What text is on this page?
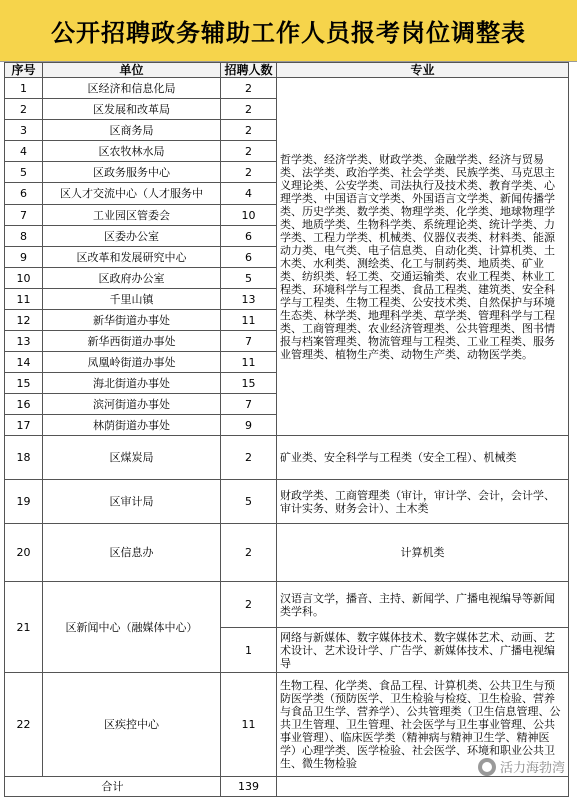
公开招聘政务辅助工作人员报考岗位调整表
序号	单位	招聘人数	专业
1	区经济和信息化局	2	哲学类、经济学类、财政学类、金融学类、经济与贸易类、法学类、政治学类、社会学类、民族学类、马克思主义理论类、公安学类、司法执行及技术类、教育学类、心理学类、中国语言文学类、外国语言文学类、新闻传播学类、历史学类、数学类、物理学类、化学类、地球物理学类、地质学类、生物科学类、系统理论类、统计学类、力学类、工程力学类、机械类、仪器仪表类、材料类、能源动力类、电气类、电子信息类、自动化类、计算机类、土木类、水利类、测绘类、化工与制药类、地质类、矿业类、纺织类、轻工类、交通运输类、农业工程类、林业工程类、环境科学与工程类、食品工程类、建筑类、安全科学与工程类、生物工程类、公安技术类、自然保护与环境生态类、林学类、地理科学类、草学类、管理科学与工程类、工商管理类、农业经济管理类、公共管理类、图书情报与档案管理类、物流管理与工程类、工业工程类、服务业管理类、植物生产类、动物生产类、动物医学类。
2	区发展和改革局	2	
3	区商务局	2	
4	区农牧林水局	2	
5	区政务服务中心	2	
6	区人才交流中心（人才服务中	4	
7	工业园区管委会	10	
8	区委办公室	6	
9	区改革和发展研究中心	6	
10	区政府办公室	5	
11	千里山镇	13	
12	新华街道办事处	11	
13	新华西街道办事处	7	
14	凤凰岭街道办事处	11	
15	海北街道办事处	15	
16	滨河街道办事处	7	
17	林荫街道办事处	9	
18	区煤炭局	2	矿业类、安全科学与工程类（安全工程）、机械类
19	区审计局	5	财政学类、工商管理类（审计，审计学、会计，会计学、审计实务、财务会计）、土木类
20	区信息办	2	计算机类
21	区新闻中心（融媒体中心）	2	汉语言文学，播音、主持、新闻学、广播电视编导等新闻类学科。
		1	网络与新媒体、数字媒体技术、数字媒体艺术、动画、艺术设计、艺术设计学、广告学、新媒体技术、广播电视编导
22	区疾控中心	11	生物工程、化学类、食品工程、计算机类、公共卫生与预防医学类（预防医学、卫生检验与检疫、卫生检验、营养与食品卫生学、营养学）、公共管理类（卫生信息管理、公共卫生管理、卫生管理、社会医学与卫生事业管理、公共事业管理）、临床医学类（精神病与精神卫生学、精神医学）心理学类、医学检验、社会医学、环境和职业公共卫生、微生物检验
合计		139	
活力海勃湾
